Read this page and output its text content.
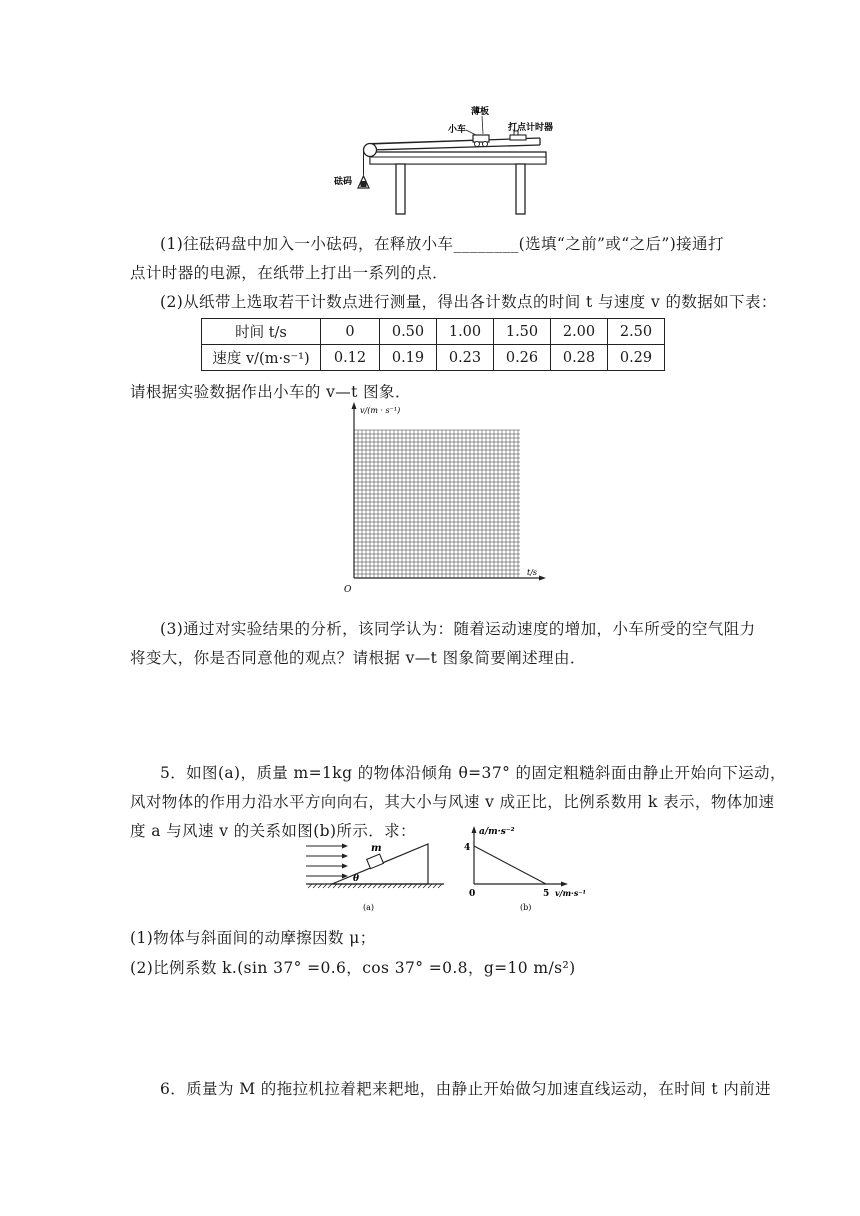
薄板
小车	打点计时器
砝码
(1)往砝码盘中加入一小砝码，在释放小车________(选填“之前”或“之后”)接通打
点计时器的电源，在纸带上打出一系列的点．
(2)从纸带上选取若干计数点进行测量，得出各计数点的时间 t 与速度 v 的数据如下表：
时间 t/s	0	0.50	1.00	1.50	2.00	2.50
速度 v/(m·s⁻¹)	0.12	0.19	0.23	0.26	0.28	0.29
请根据实验数据作出小车的 v—t 图象．
v/(m · s⁻¹)
t/s
O
(3)通过对实验结果的分析，该同学认为：随着运动速度的增加，小车所受的空气阻力
将变大，你是否同意他的观点？请根据 v—t 图象简要阐述理由．
5．如图(a)，质量 m=1kg 的物体沿倾角 θ=37° 的固定粗糙斜面由静止开始向下运动，
风对物体的作用力沿水平方向向右，其大小与风速 v 成正比，比例系数用 k 表示，物体加速
度 a 与风速 v 的关系如图(b)所示．求：
m
θ
(a)
a/m·s⁻²
4
0	5 v/m·s⁻¹
(b)
(1)物体与斜面间的动摩擦因数 μ；
(2)比例系数 k.(sin 37° =0.6，cos 37° =0.8，g=10 m/s²)
6．质量为 M 的拖拉机拉着耙来耙地，由静止开始做匀加速直线运动，在时间 t 内前进
